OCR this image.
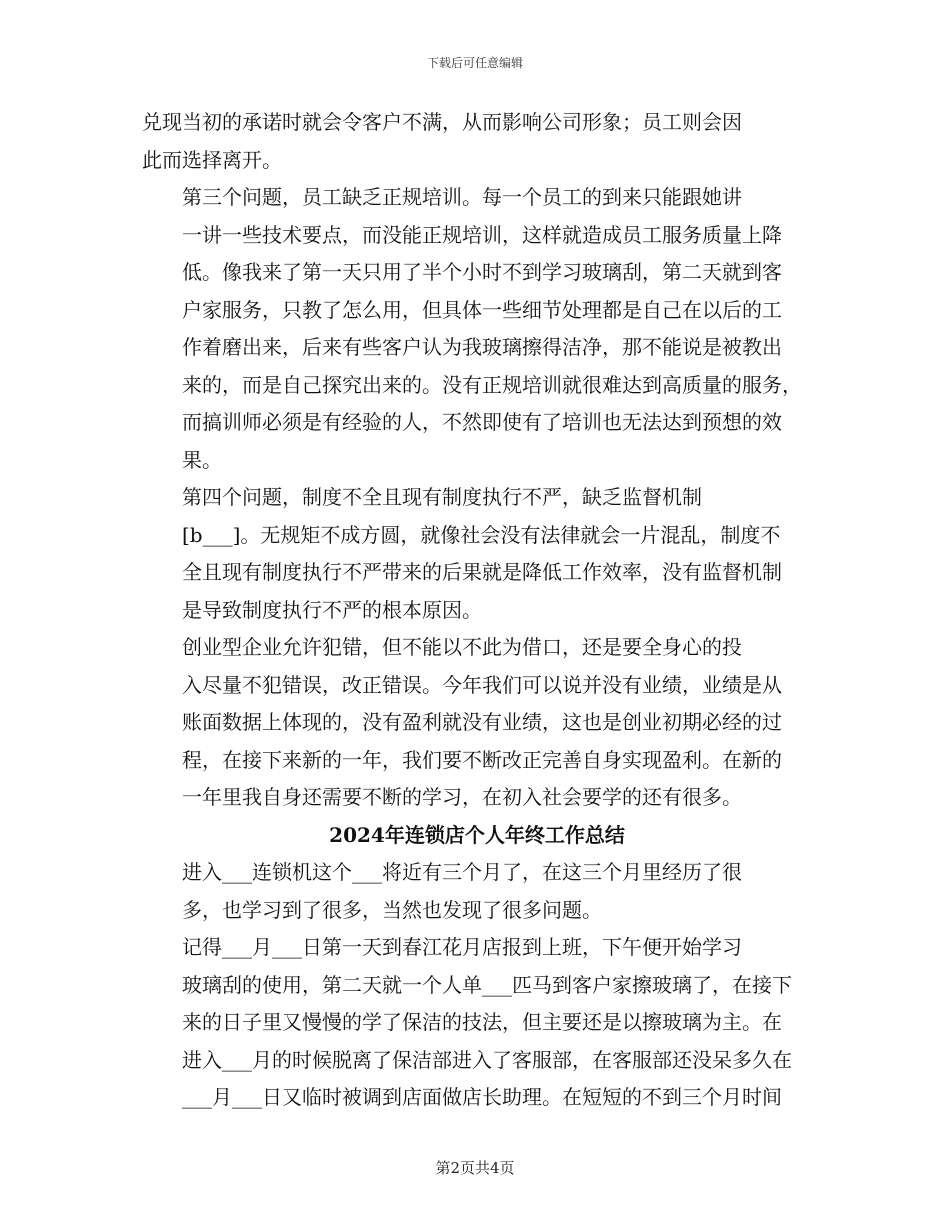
下载后可任意编辑

兑现当初的承诺时就会令客户不满，从而影响公司形象；员工则会因
此而选择离开。

第三个问题，员工缺乏正规培训。每一个员工的到来只能跟她讲
一讲一些技术要点，而没能正规培训，这样就造成员工服务质量上降
低。像我来了第一天只用了半个小时不到学习玻璃刮，第二天就到客
户家服务，只教了怎么用，但具体一些细节处理都是自己在以后的工
作着磨出来，后来有些客户认为我玻璃擦得洁净，那不能说是被教出
来的，而是自己探究出来的。没有正规培训就很难达到高质量的服务，
而搞训师必须是有经验的人，不然即使有了培训也无法达到预想的效
果。

第四个问题，制度不全且现有制度执行不严，缺乏监督机制
[b___]。无规矩不成方圆，就像社会没有法律就会一片混乱，制度不
全且现有制度执行不严带来的后果就是降低工作效率，没有监督机制
是导致制度执行不严的根本原因。

创业型企业允许犯错，但不能以不此为借口，还是要全身心的投
入尽量不犯错误，改正错误。今年我们可以说并没有业绩，业绩是从
账面数据上体现的，没有盈利就没有业绩，这也是创业初期必经的过
程，在接下来新的一年，我们要不断改正完善自身实现盈利。在新的
一年里我自身还需要不断的学习，在初入社会要学的还有很多。

2024年连锁店个人年终工作总结

进入___连锁机这个___将近有三个月了，在这三个月里经历了很
多，也学习到了很多，当然也发现了很多问题。

记得___月___日第一天到春江花月店报到上班，下午便开始学习
玻璃刮的使用，第二天就一个人单___匹马到客户家擦玻璃了，在接下
来的日子里又慢慢的学了保洁的技法，但主要还是以擦玻璃为主。在
进入___月的时候脱离了保洁部进入了客服部，在客服部还没呆多久在
___月___日又临时被调到店面做店长助理。在短短的不到三个月时间

第2页共4页
